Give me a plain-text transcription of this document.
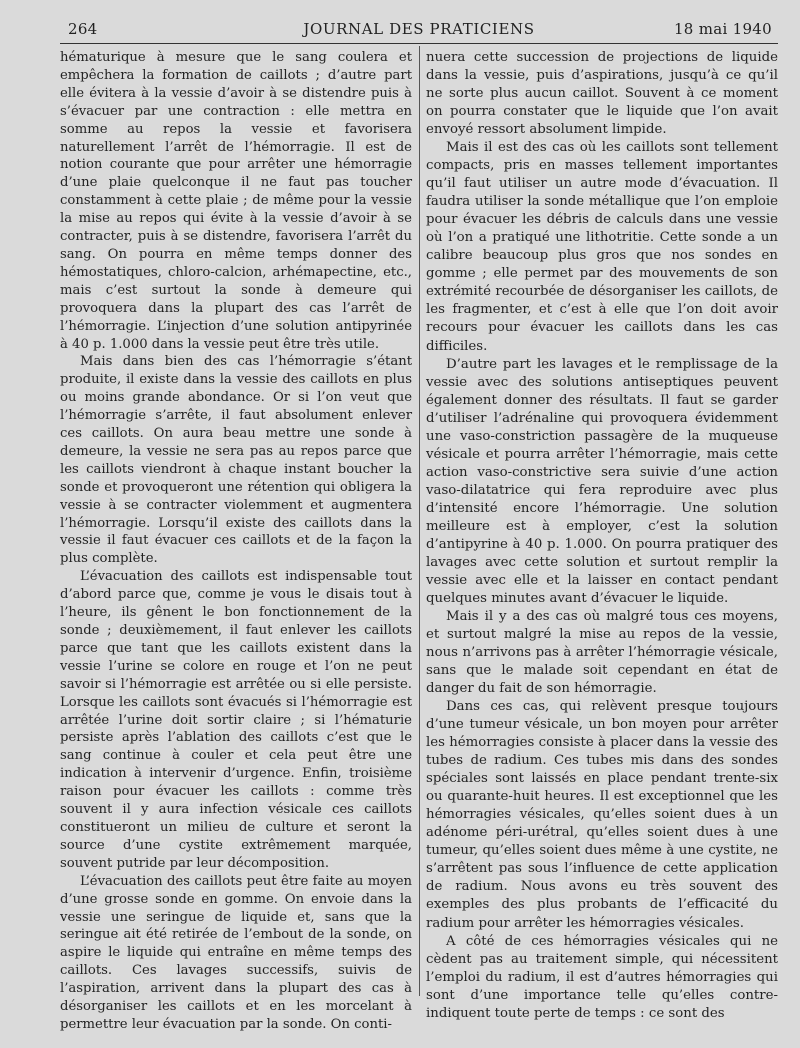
264	JOURNAL DES PRATICIENS	18 mai 1940

hématurique à mesure que le sang coulera et empêchera la formation de caillots ; d’autre part elle évitera à la vessie d’avoir à se distendre puis à s’évacuer par une contraction : elle mettra en somme au repos la vessie et favorisera naturellement l’arrêt de l’hémorragie. Il est de notion courante que pour arrêter une hémorragie d’une plaie quelconque il ne faut pas toucher constamment à cette plaie ; de même pour la vessie la mise au repos qui évite à la vessie d’avoir à se contracter, puis à se distendre, favorisera l’arrêt du sang. On pourra en même temps donner des hémostatiques, chloro-calcion, arhémapectine, etc., mais c’est surtout la sonde à demeure qui provoquera dans la plupart des cas l’arrêt de l’hémorragie. L’injection d’une solution antipyrinée à 40 p. 1.000 dans la vessie peut être très utile.

Mais dans bien des cas l’hémorragie s’étant produite, il existe dans la vessie des caillots en plus ou moins grande abondance. Or si l’on veut que l’hémorragie s’arrête, il faut absolument enlever ces caillots. On aura beau mettre une sonde à demeure, la vessie ne sera pas au repos parce que les caillots viendront à chaque instant boucher la sonde et provoqueront une rétention qui obligera la vessie à se contracter violemment et augmentera l’hémorragie. Lorsqu’il existe des caillots dans la vessie il faut évacuer ces caillots et de la façon la plus complète.

L’évacuation des caillots est indispensable tout d’abord parce que, comme je vous le disais tout à l’heure, ils gênent le bon fonctionnement de la sonde ; deuxièmement, il faut enlever les caillots parce que tant que les caillots existent dans la vessie l’urine se colore en rouge et l’on ne peut savoir si l’hémorragie est arrêtée ou si elle persiste. Lorsque les caillots sont évacués si l’hémorragie est arrêtée l’urine doit sortir claire ; si l’hématurie persiste après l’ablation des caillots c’est que le sang continue à couler et cela peut être une indication à intervenir d’urgence. Enfin, troisième raison pour évacuer les caillots : comme très souvent il y aura infection vésicale ces caillots constitueront un milieu de culture et seront la source d’une cystite extrêmement marquée, souvent putride par leur décomposition.

L’évacuation des caillots peut être faite au moyen d’une grosse sonde en gomme. On envoie dans la vessie une seringue de liquide et, sans que la seringue ait été retirée de l’embout de la sonde, on aspire le liquide qui entraîne en même temps des caillots. Ces lavages successifs, suivis de l’aspiration, arrivent dans la plupart des cas à désorganiser les caillots et en les morcelant à permettre leur évacuation par la sonde. On conti-

nuera cette succession de projections de liquide dans la vessie, puis d’aspirations, jusqu’à ce qu’il ne sorte plus aucun caillot. Souvent à ce moment on pourra constater que le liquide que l’on avait envoyé ressort absolument limpide.

Mais il est des cas où les caillots sont tellement compacts, pris en masses tellement importantes qu’il faut utiliser un autre mode d’évacuation. Il faudra utiliser la sonde métallique que l’on emploie pour évacuer les débris de calculs dans une vessie où l’on a pratiqué une lithotritie. Cette sonde a un calibre beaucoup plus gros que nos sondes en gomme ; elle permet par des mouvements de son extrémité recourbée de désorganiser les caillots, de les fragmenter, et c’est à elle que l’on doit avoir recours pour évacuer les caillots dans les cas difficiles.

D’autre part les lavages et le remplissage de la vessie avec des solutions antiseptiques peuvent également donner des résultats. Il faut se garder d’utiliser l’adrénaline qui provoquera évidemment une vaso-constriction passagère de la muqueuse vésicale et pourra arrêter l’hémorragie, mais cette action vaso-constrictive sera suivie d’une action vaso-dilatatrice qui fera reproduire avec plus d’intensité encore l’hémorragie. Une solution meilleure est à employer, c’est la solution d’antipyrine à 40 p. 1.000. On pourra pratiquer des lavages avec cette solution et surtout remplir la vessie avec elle et la laisser en contact pendant quelques minutes avant d’évacuer le liquide.

Mais il y a des cas où malgré tous ces moyens, et surtout malgré la mise au repos de la vessie, nous n’arrivons pas à arrêter l’hémorragie vésicale, sans que le malade soit cependant en état de danger du fait de son hémorragie.

Dans ces cas, qui relèvent presque toujours d’une tumeur vésicale, un bon moyen pour arrêter les hémorragies consiste à placer dans la vessie des tubes de radium. Ces tubes mis dans des sondes spéciales sont laissés en place pendant trente-six ou quarante-huit heures. Il est exceptionnel que les hémorragies vésicales, qu’elles soient dues à un adénome péri-urétral, qu’elles soient dues à une tumeur, qu’elles soient dues même à une cystite, ne s’arrêtent pas sous l’influence de cette application de radium. Nous avons eu très souvent des exemples des plus probants de l’efficacité du radium pour arrêter les hémorragies vésicales.

A côté de ces hémorragies vésicales qui ne cèdent pas au traitement simple, qui nécessitent l’emploi du radium, il est d’autres hémorragies qui sont d’une importance telle qu’elles contre-indiquent toute perte de temps : ce sont des
